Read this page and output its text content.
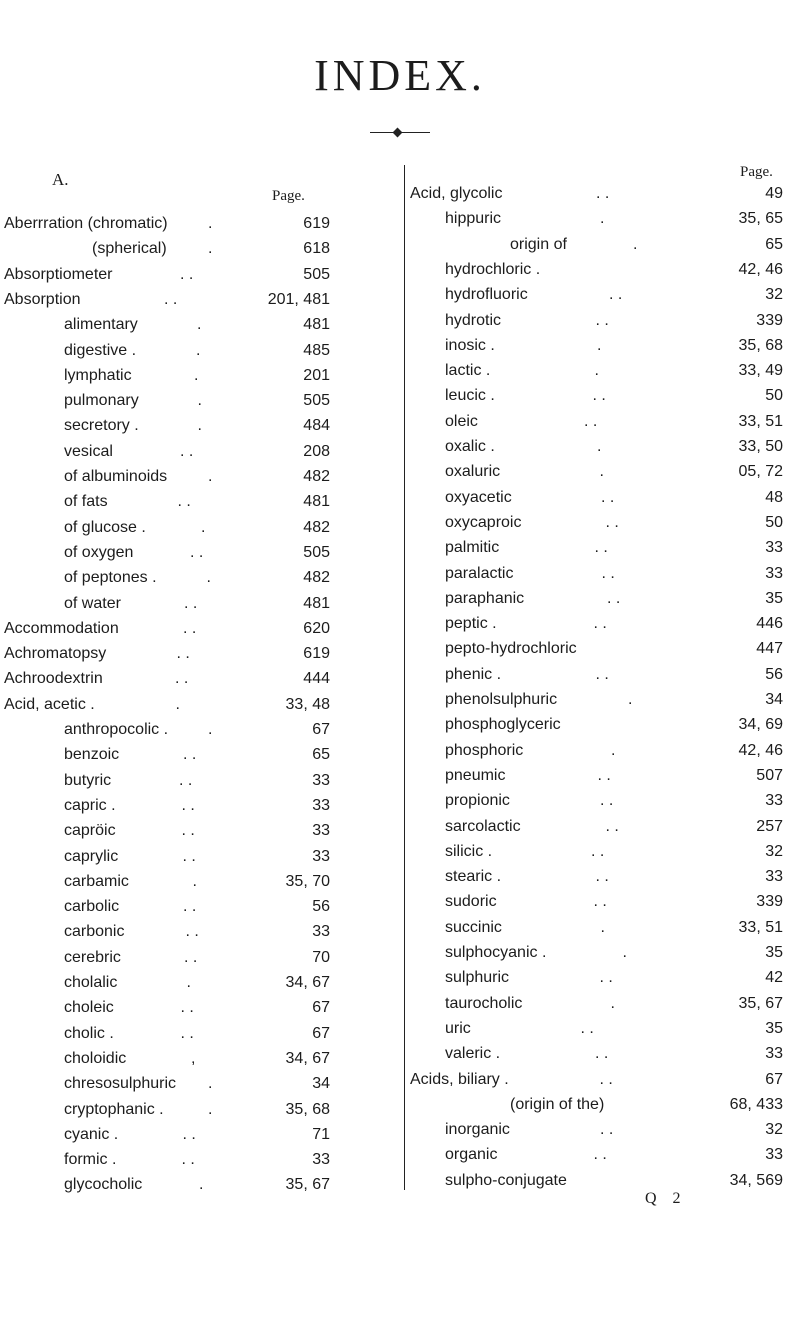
INDEX.
A.
Page.
Page.
Aberrration (chromatic)	.	619
(spherical)	.	618
Absorptiometer	. .	505
Absorption	. .	201, 481
alimentary	.	481
digestive .	.	485
lymphatic	.	201
pulmonary	.	505
secretory .	.	484
vesical	. .	208
of albuminoids	.	482
of fats	. .	481
of glucose .	.	482
of oxygen	. .	505
of peptones .	.	482
of water	. .	481
Accommodation	. .	620
Achromatopsy	. .	619
Achroodextrin	. .	444
Acid, acetic .	.	33, 48
anthropocolic . .	67
benzoic	. .	65
butyric	. .	33
capric .	. .	33
capröic	. .	33
caprylic	. .	33
carbamic	.	35, 70
carbolic	. .	56
carbonic	. .	33
cerebric	. .	70
cholalic	.	34, 67
choleic	. .	67
cholic .	. .	67
choloidic	,	34, 67
chresosulphuric .	34
cryptophanic .	.	35, 68
cyanic .	. .	71
formic .	. .	33
glycocholic	.	35, 67
Acid, glycolic	. .	49
hippuric	.	35, 65
origin of	.	65
hydrochloric .	42, 46
hydrofluoric	. .	32
hydrotic	. .	339
inosic .	.	35, 68
lactic .	.	33, 49
leucic .	. .	50
oleic	. .	33, 51
oxalic .	.	33, 50
oxaluric	.	05, 72
oxyacetic	. .	48
oxycaproic	. .	50
palmitic	. .	33
paralactic	. .	33
paraphanic	. .	35
peptic .	. .	446
pepto-hydrochloric	447
phenic .	. .	56
phenolsulphuric	.	34
phosphoglyceric	34, 69
phosphoric	.	42, 46
pneumic	. .	507
propionic	. .	33
sarcolactic	. .	257
silicic .	. .	32
stearic .	. .	33
sudoric	. .	339
succinic	.	33, 51
sulphocyanic .	.	35
sulphuric	. .	42
taurocholic	.	35, 67
uric	. .	35
valeric .	. .	33
Acids, biliary .	. .	67
(origin of the)	68, 433
inorganic	. .	32
organic	. .	33
sulpho-conjugate	34, 569
Q 2
